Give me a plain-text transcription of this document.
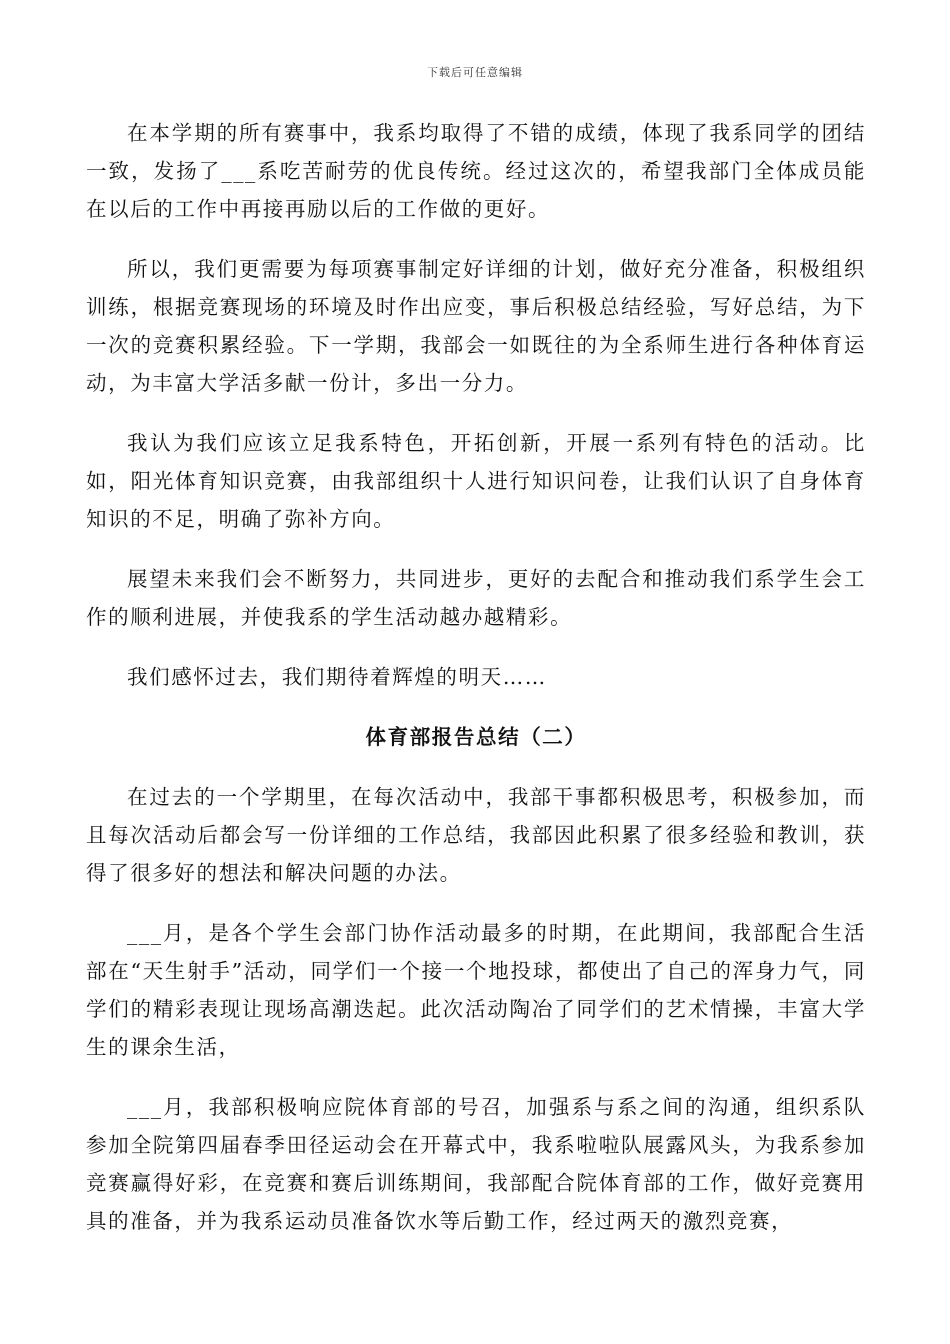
下载后可任意编辑

在本学期的所有赛事中，我系均取得了不错的成绩，体现了我系同学的团结一致，发扬了___系吃苦耐劳的优良传统。经过这次的，希望我部门全体成员能在以后的工作中再接再励以后的工作做的更好。

所以，我们更需要为每项赛事制定好详细的计划，做好充分准备，积极组织训练，根据竞赛现场的环境及时作出应变，事后积极总结经验，写好总结，为下一次的竞赛积累经验。下一学期，我部会一如既往的为全系师生进行各种体育运动，为丰富大学活多献一份计，多出一分力。

我认为我们应该立足我系特色，开拓创新，开展一系列有特色的活动。比如，阳光体育知识竞赛，由我部组织十人进行知识问卷，让我们认识了自身体育知识的不足，明确了弥补方向。

展望未来我们会不断努力，共同进步，更好的去配合和推动我们系学生会工作的顺利进展，并使我系的学生活动越办越精彩。

我们感怀过去，我们期待着辉煌的明天……

体育部报告总结（二）

在过去的一个学期里，在每次活动中，我部干事都积极思考，积极参加，而且每次活动后都会写一份详细的工作总结，我部因此积累了很多经验和教训，获得了很多好的想法和解决问题的办法。

___月，是各个学生会部门协作活动最多的时期，在此期间，我部配合生活部在“天生射手”活动，同学们一个接一个地投球，都使出了自己的浑身力气，同学们的精彩表现让现场高潮迭起。此次活动陶冶了同学们的艺术情操，丰富大学生的课余生活，

___月，我部积极响应院体育部的号召，加强系与系之间的沟通，组织系队参加全院第四届春季田径运动会在开幕式中，我系啦啦队展露风头，为我系参加竞赛赢得好彩，在竞赛和赛后训练期间，我部配合院体育部的工作，做好竞赛用具的准备，并为我系运动员准备饮水等后勤工作，经过两天的激烈竞赛，
